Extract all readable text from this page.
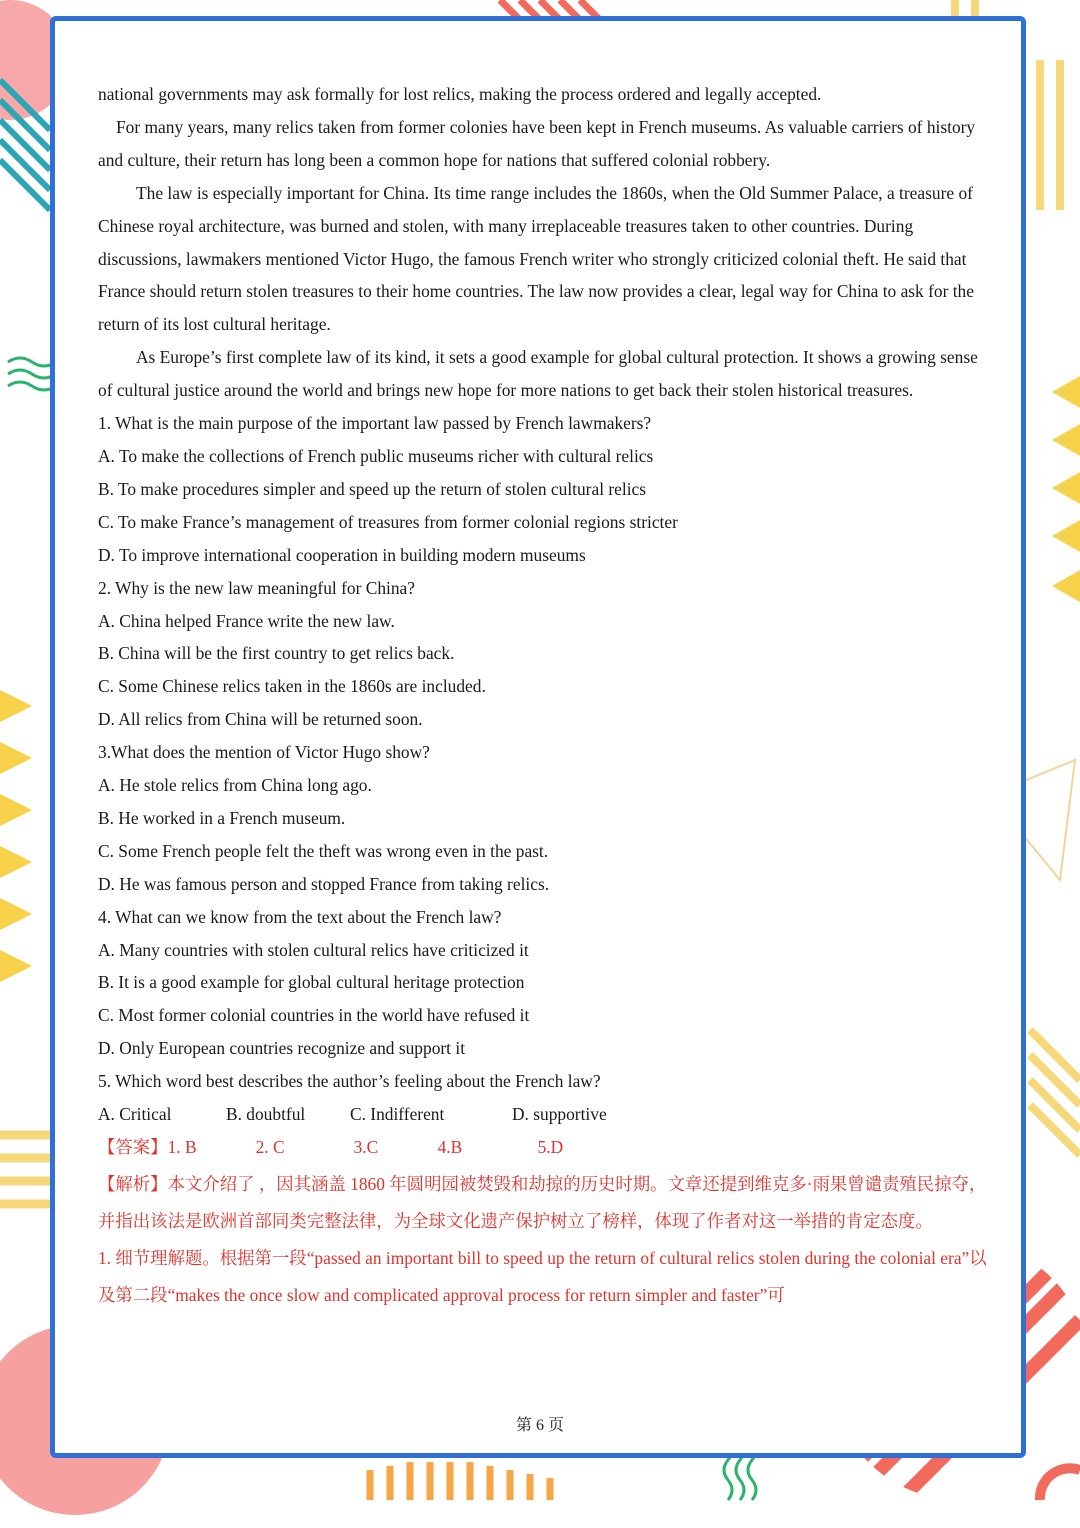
national governments may ask formally for lost relics, making the process ordered and legally accepted.

For many years, many relics taken from former colonies have been kept in French museums. As valuable carriers of history and culture, their return has long been a common hope for nations that suffered colonial robbery.

The law is especially important for China. Its time range includes the 1860s, when the Old Summer Palace, a treasure of Chinese royal architecture, was burned and stolen, with many irreplaceable treasures taken to other countries. During discussions, lawmakers mentioned Victor Hugo, the famous French writer who strongly criticized colonial theft. He said that France should return stolen treasures to their home countries. The law now provides a clear, legal way for China to ask for the return of its lost cultural heritage.

As Europe’s first complete law of its kind, it sets a good example for global cultural protection. It shows a growing sense of cultural justice around the world and brings new hope for more nations to get back their stolen historical treasures.

1. What is the main purpose of the important law passed by French lawmakers?

A. To make the collections of French public museums richer with cultural relics

B. To make procedures simpler and speed up the return of stolen cultural relics

C. To make France’s management of treasures from former colonial regions stricter

D. To improve international cooperation in building modern museums

2. Why is the new law meaningful for China?

A. China helped France write the new law.

B. China will be the first country to get relics back.

C. Some Chinese relics taken in the 1860s are included.

D. All relics from China will be returned soon.

3.What does the mention of Victor Hugo show?

A. He stole relics from China long ago.

B. He worked in a French museum.

C. Some French people felt the theft was wrong even in the past.

D. He was famous person and stopped France from taking relics.

4. What can we know from the text about the French law?

A. Many countries with stolen cultural relics have criticized it

B. It is a good example for global cultural heritage protection

C. Most former colonial countries in the world have refused it

D. Only European countries recognize and support it

5. Which word best describes the author’s feeling about the French law?

A. Critical	B. doubtful	C. Indifferent	D. supportive
【答案】 1. B	2. C	3.C	4.B	5.D

【解析】本文介绍了 ，因其涵盖 1860 年圆明园被焚毁和劫掠的历史时期。文章还提到维克多·雨果曾谴责殖民掠夺，并指出该法是欧洲首部同类完整法律，为全球文化遗产保护树立了榜样，体现了作者对这一举措的肯定态度。

1. 细节理解题。根据第一段“passed an important bill to speed up the return of cultural relics stolen during the colonial era”以及第二段“makes the once slow and complicated approval process for return simpler and faster”可

第 6 页
